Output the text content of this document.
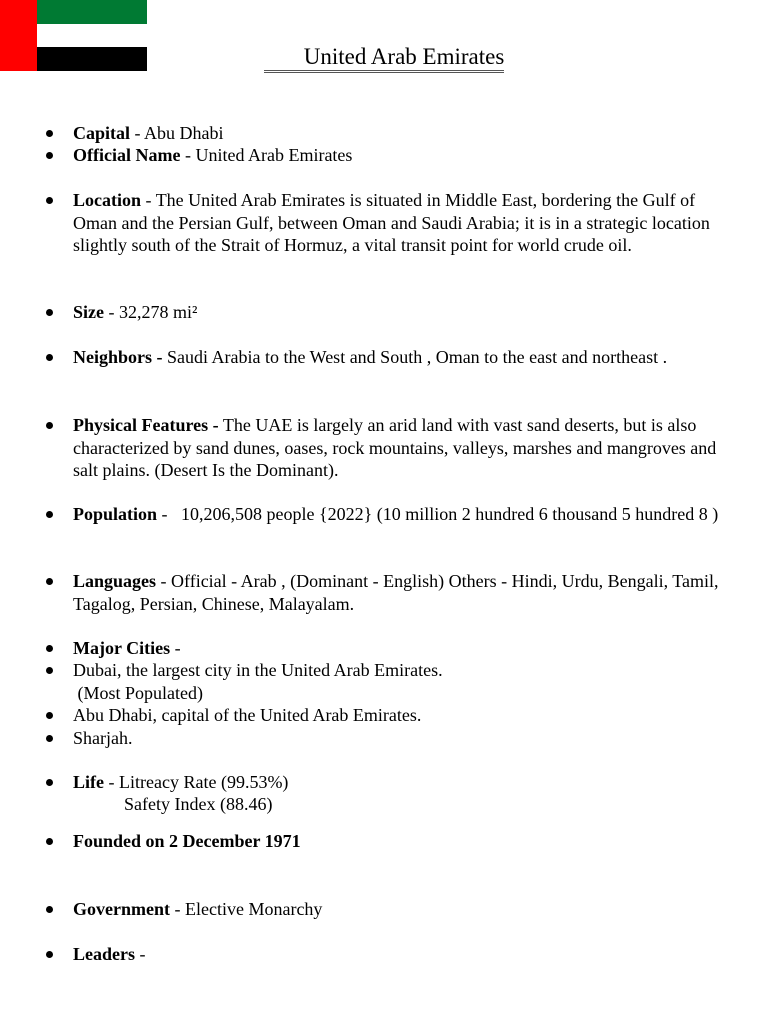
United Arab Emirates
Capital - Abu Dhabi
Official Name - United Arab Emirates
Location - The United Arab Emirates is situated in Middle East, bordering the Gulf of Oman and the Persian Gulf, between Oman and Saudi Arabia; it is in a strategic location slightly south of the Strait of Hormuz, a vital transit point for world crude oil.
Size - 32,278 mi²
Neighbors - Saudi Arabia to the West and South , Oman to the east and northeast .
Physical Features - The UAE is largely an arid land with vast sand deserts, but is also characterized by sand dunes, oases, rock mountains, valleys, marshes and mangroves and salt plains. (Desert Is the Dominant).
Population -   10,206,508 people {2022} (10 million 2 hundred 6 thousand 5 hundred 8 )
Languages - Official - Arab , (Dominant - English) Others - Hindi, Urdu, Bengali, Tamil, Tagalog, Persian, Chinese, Malayalam.
Major Cities -
Dubai, the largest city in the United Arab Emirates.
(Most Populated)
Abu Dhabi, capital of the United Arab Emirates.
Sharjah.
Life - Litreacy Rate (99.53%)
Safety Index (88.46)
Founded on 2 December 1971
Government - Elective Monarchy
Leaders -
